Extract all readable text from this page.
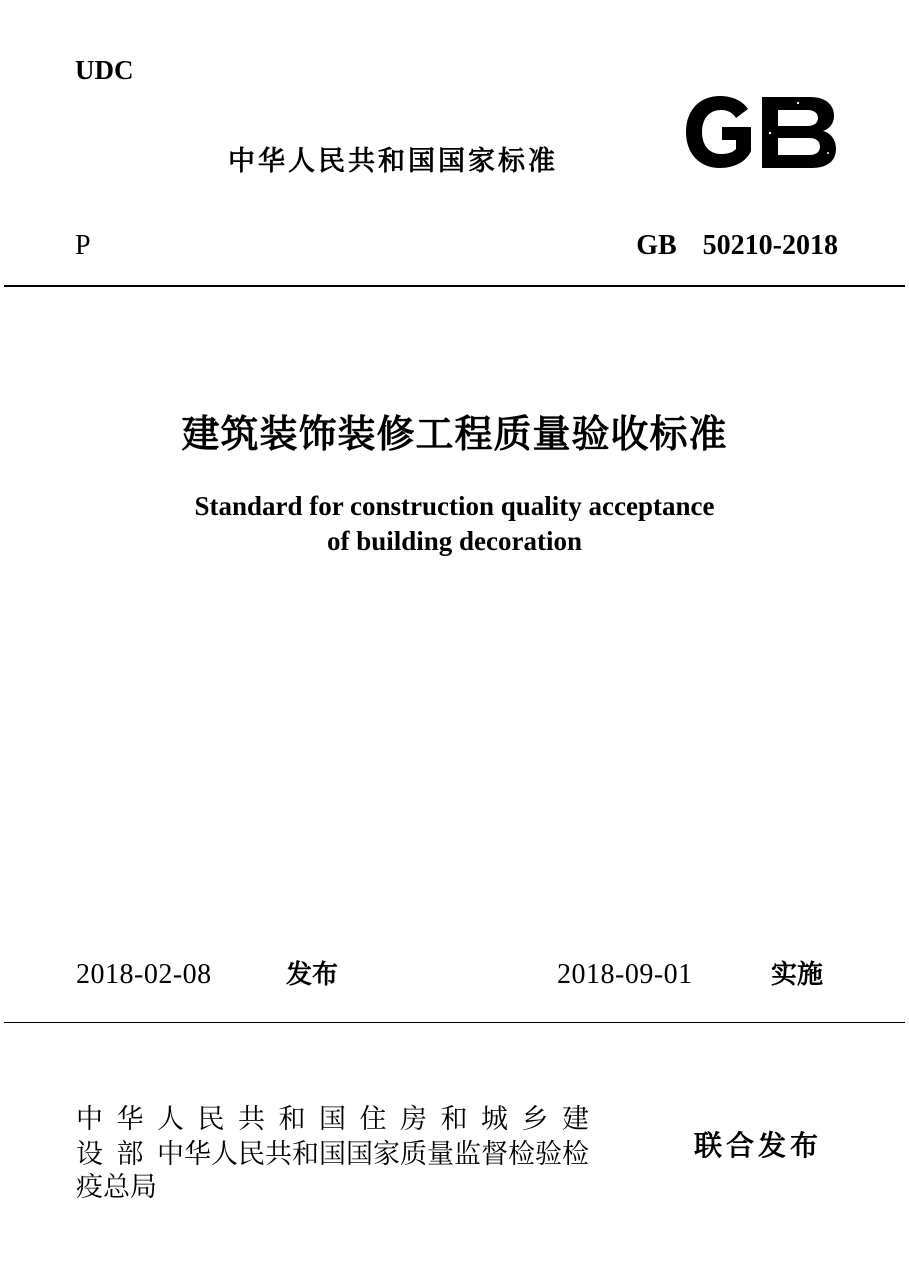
UDC
中华人民共和国国家标准
P	GB 50210-2018
建筑装饰装修工程质量验收标准
Standard for construction quality acceptance
of building decoration
2018-02-08	发布	2018-09-01	实施
中华人民共和国住房和城乡建
设部中华人民共和国国家质量监督检验检
疫总局
联合发布
